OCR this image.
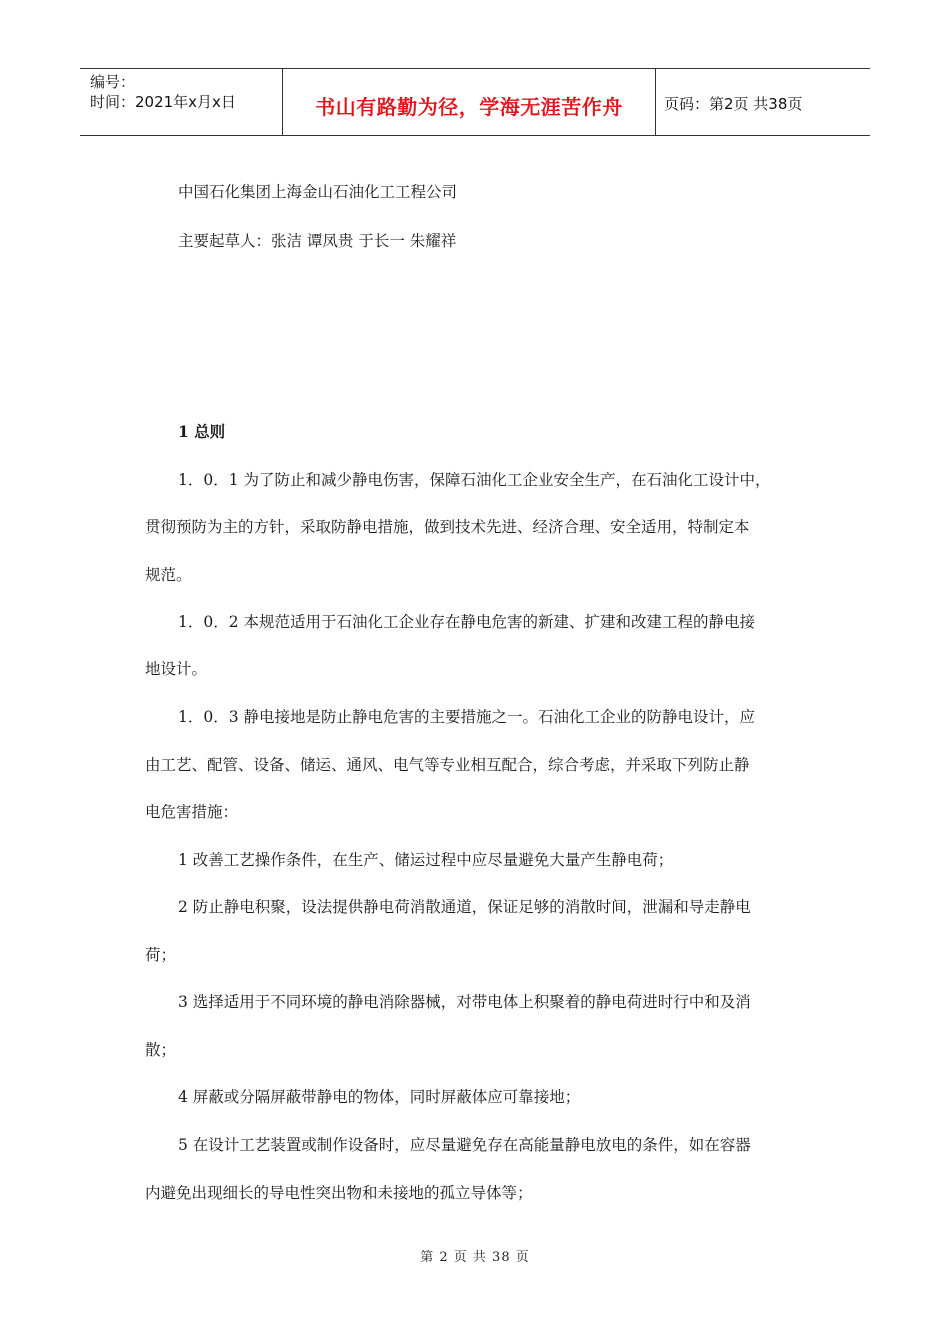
编号：
时间：2021年x月x日	书山有路勤为径，学海无涯苦作舟	页码：第2页 共38页
中国石化集团上海金山石油化工工程公司
主要起草人：张洁 谭凤贵 于长一 朱耀祥
1 总则
1．0．1 为了防止和减少静电伤害，保障石油化工企业安全生产，在石油化工设计中，
贯彻预防为主的方针，采取防静电措施，做到技术先进、经济合理、安全适用，特制定本
规范。
1．0．2 本规范适用于石油化工企业存在静电危害的新建、扩建和改建工程的静电接
地设计。
1．0．3 静电接地是防止静电危害的主要措施之一。石油化工企业的防静电设计，应
由工艺、配管、设备、储运、通风、电气等专业相互配合，综合考虑，并采取下列防止静
电危害措施：
1 改善工艺操作条件，在生产、储运过程中应尽量避免大量产生静电荷；
2 防止静电积聚，设法提供静电荷消散通道，保证足够的消散时间，泄漏和导走静电
荷；
3 选择适用于不同环境的静电消除器械，对带电体上积聚着的静电荷进时行中和及消
散；
4 屏蔽或分隔屏蔽带静电的物体，同时屏蔽体应可靠接地；
5 在设计工艺装置或制作设备时，应尽量避免存在高能量静电放电的条件，如在容器
内避免出现细长的导电性突出物和未接地的孤立导体等；
第 2 页 共 38 页
